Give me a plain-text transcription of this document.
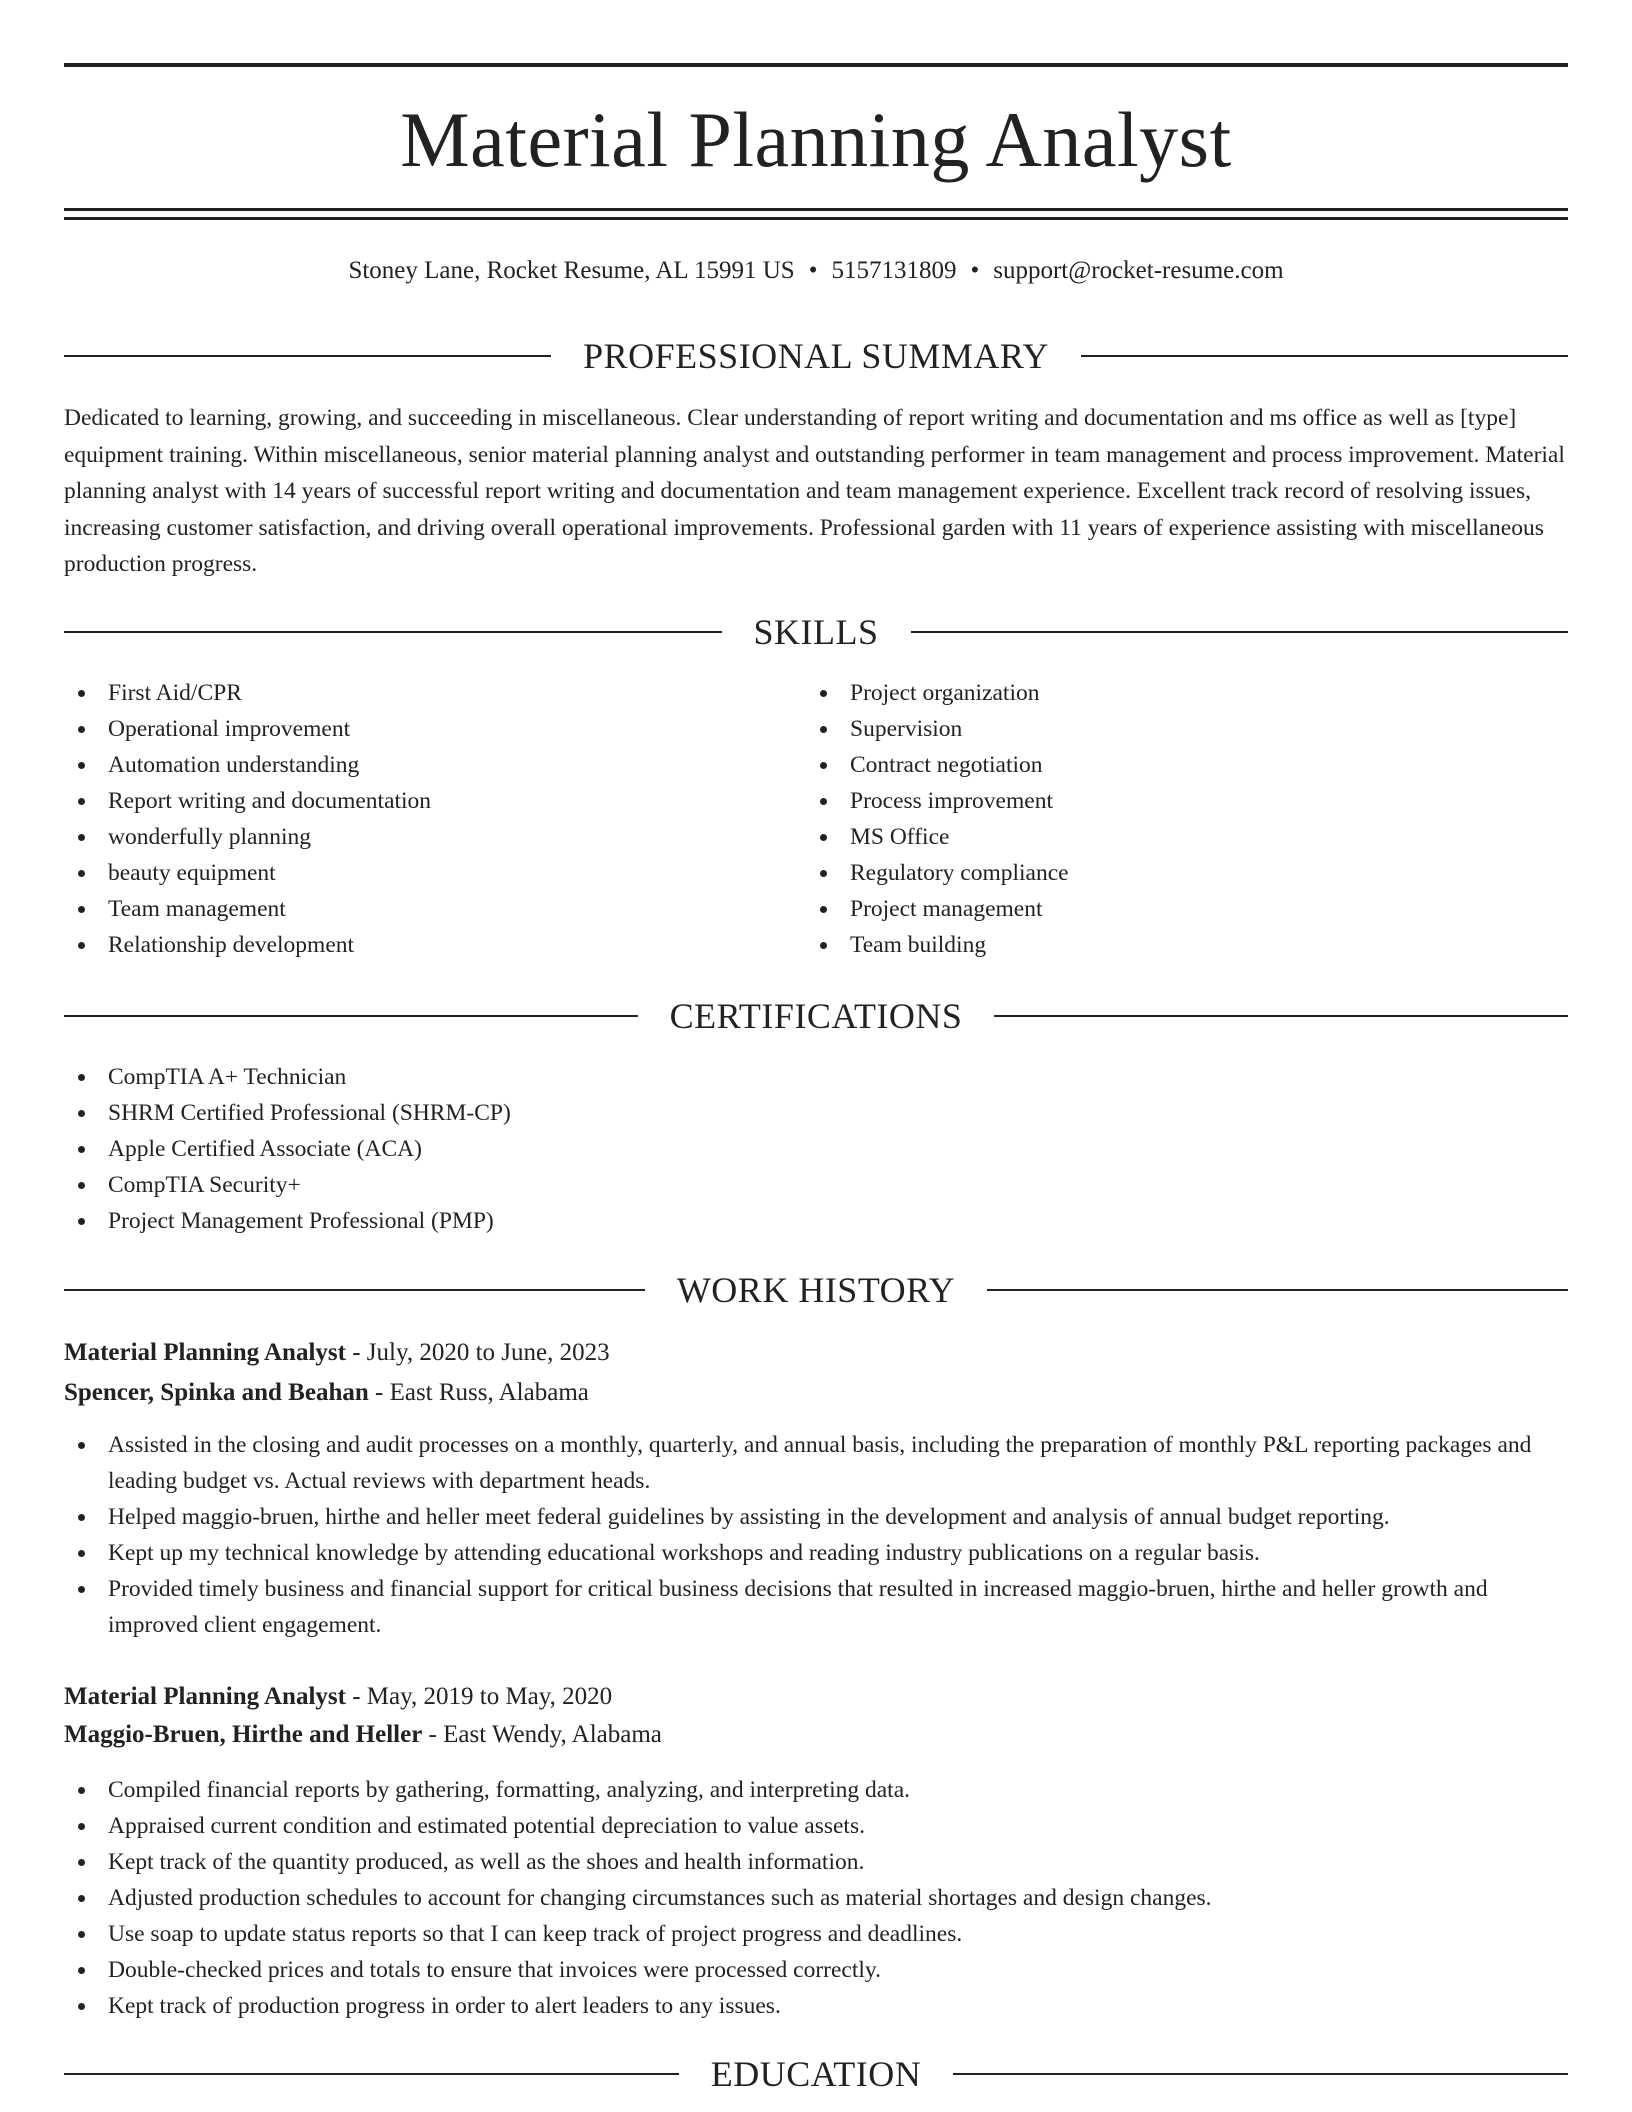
Material Planning Analyst
Stoney Lane, Rocket Resume, AL 15991 US • 5157131809 • support@rocket-resume.com
PROFESSIONAL SUMMARY

Dedicated to learning, growing, and succeeding in miscellaneous. Clear understanding of report writing and documentation and ms office as well as [type] equipment training. Within miscellaneous, senior material planning analyst and outstanding performer in team management and process improvement. Material planning analyst with 14 years of successful report writing and documentation and team management experience. Excellent track record of resolving issues, increasing customer satisfaction, and driving overall operational improvements. Professional garden with 11 years of experience assisting with miscellaneous production progress.

SKILLS
First Aid/CPR
Operational improvement
Automation understanding
Report writing and documentation
wonderfully planning
beauty equipment
Team management
Relationship development
Project organization
Supervision
Contract negotiation
Process improvement
MS Office
Regulatory compliance
Project management
Team building
CERTIFICATIONS
CompTIA A+ Technician
SHRM Certified Professional (SHRM-CP)
Apple Certified Associate (ACA)
CompTIA Security+
Project Management Professional (PMP)
WORK HISTORY
Material Planning Analyst - July, 2020 to June, 2023
Spencer, Spinka and Beahan - East Russ, Alabama
Assisted in the closing and audit processes on a monthly, quarterly, and annual basis, including the preparation of monthly P&L reporting packages and leading budget vs. Actual reviews with department heads.
Helped maggio-bruen, hirthe and heller meet federal guidelines by assisting in the development and analysis of annual budget reporting.
Kept up my technical knowledge by attending educational workshops and reading industry publications on a regular basis.
Provided timely business and financial support for critical business decisions that resulted in increased maggio-bruen, hirthe and heller growth and improved client engagement.
Material Planning Analyst - May, 2019 to May, 2020
Maggio-Bruen, Hirthe and Heller - East Wendy, Alabama
Compiled financial reports by gathering, formatting, analyzing, and interpreting data.
Appraised current condition and estimated potential depreciation to value assets.
Kept track of the quantity produced, as well as the shoes and health information.
Adjusted production schedules to account for changing circumstances such as material shortages and design changes.
Use soap to update status reports so that I can keep track of project progress and deadlines.
Double-checked prices and totals to ensure that invoices were processed correctly.
Kept track of production progress in order to alert leaders to any issues.
EDUCATION
